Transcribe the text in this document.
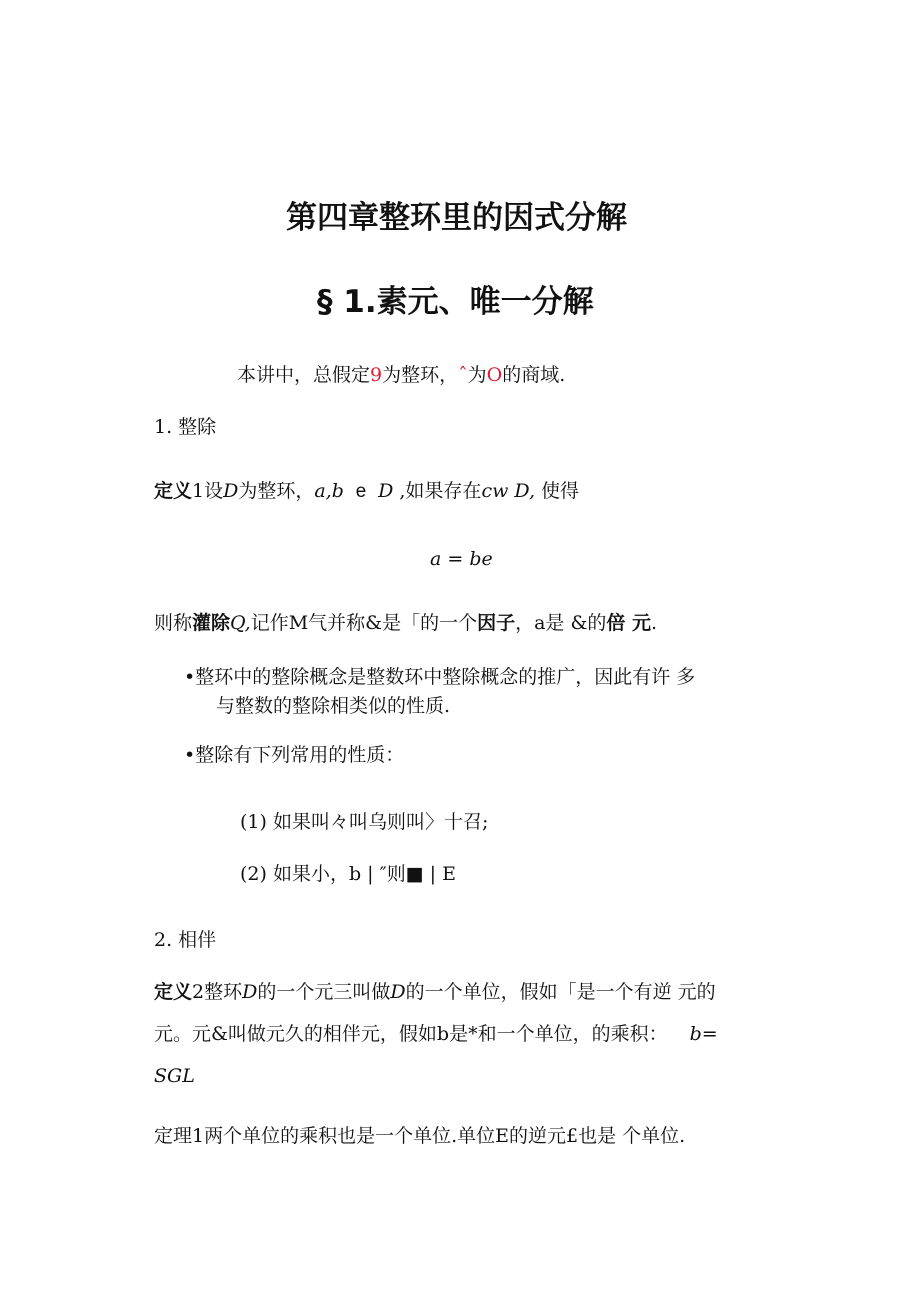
第四章整环里的因式分解
§ 1.素元、唯一分解
本讲中，总假定9为整环，ˆ为O的商域.
1. 整除
定义1设D为整环，a,b e D ,如果存在cw D, 使得
a = be
则称灌除Q,记作M气并称&是「的一个因子，a是 &的倍 元.
•整环中的整除概念是整数环中整除概念的推广，因此有许 多
与整数的整除相类似的性质.
•整除有下列常用的性质：
(1) 如果叫々叫乌则叫〉十召;
(2) 如果小，b | ″则■ | E
2. 相伴
定义2整环D的一个元三叫做D的一个单位，假如「是一个有逆 元的
元。元&叫做元久的相伴元，假如b是*和一个单位，的乘积： b=
SGL
定理1两个单位的乘积也是一个单位.单位E的逆元£也是 个单位.
